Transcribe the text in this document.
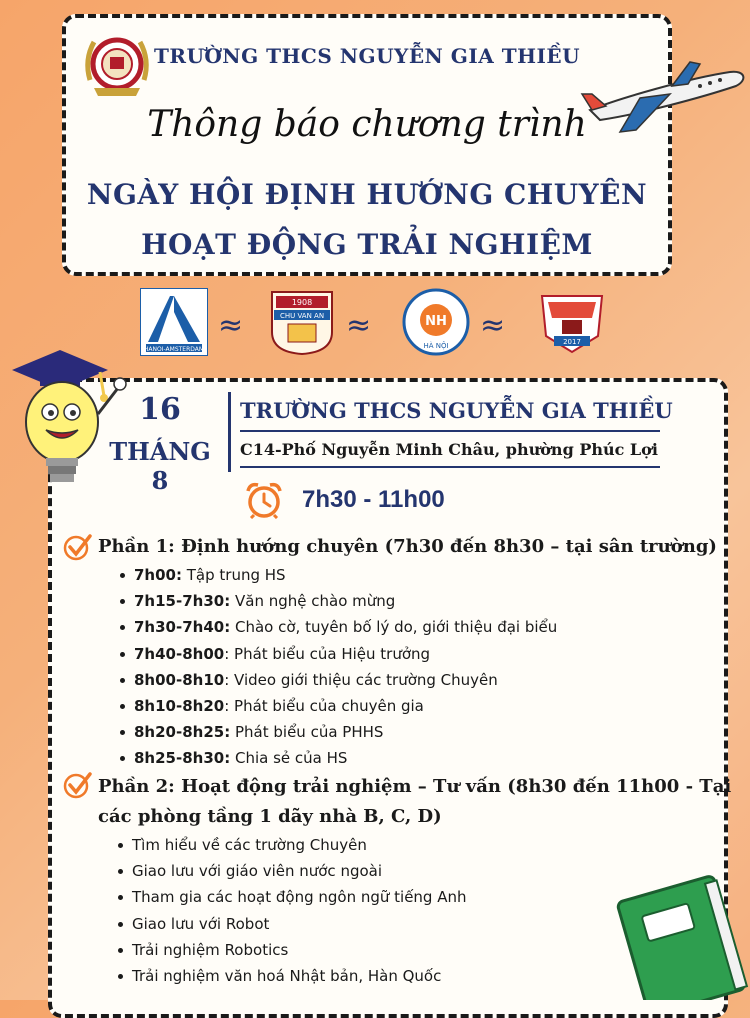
TRƯỜNG THCS NGUYỄN GIA THIỀU
Thông báo chương trình
NGÀY HỘI ĐỊNH HƯỚNG CHUYÊN
HOẠT ĐỘNG TRẢI NGHIỆM
HANOI-AMSTERDAM
≈
1908
CHU VAN AN ≈	NH
HÀ NỘI
≈	2017
16
THÁNG 8
TRƯỜNG THCS NGUYỄN GIA THIỀU
C14-Phố Nguyễn Minh Châu, phường Phúc Lợi
7h30 - 11h00
Phần 1: Định hướng chuyên (7h30 đến 8h30 – tại sân trường)
7h00: Tập trung HS
7h15-7h30: Văn nghệ chào mừng
7h30-7h40: Chào cờ, tuyên bố lý do, giới thiệu đại biểu
7h40-8h00: Phát biểu của Hiệu trưởng
8h00-8h10: Video giới thiệu các trường Chuyên
8h10-8h20: Phát biểu của chuyên gia
8h20-8h25: Phát biểu của PHHS
8h25-8h30: Chia sẻ của HS
Phần 2: Hoạt động trải nghiệm – Tư vấn (8h30 đến 11h00 - Tại
các phòng tầng 1 dãy nhà B, C, D)
Tìm hiểu về các trường Chuyên
Giao lưu với giáo viên nước ngoài
Tham gia các hoạt động ngôn ngữ tiếng Anh
Giao lưu với Robot
Trải nghiệm Robotics
Trải nghiệm văn hoá Nhật bản, Hàn Quốc
